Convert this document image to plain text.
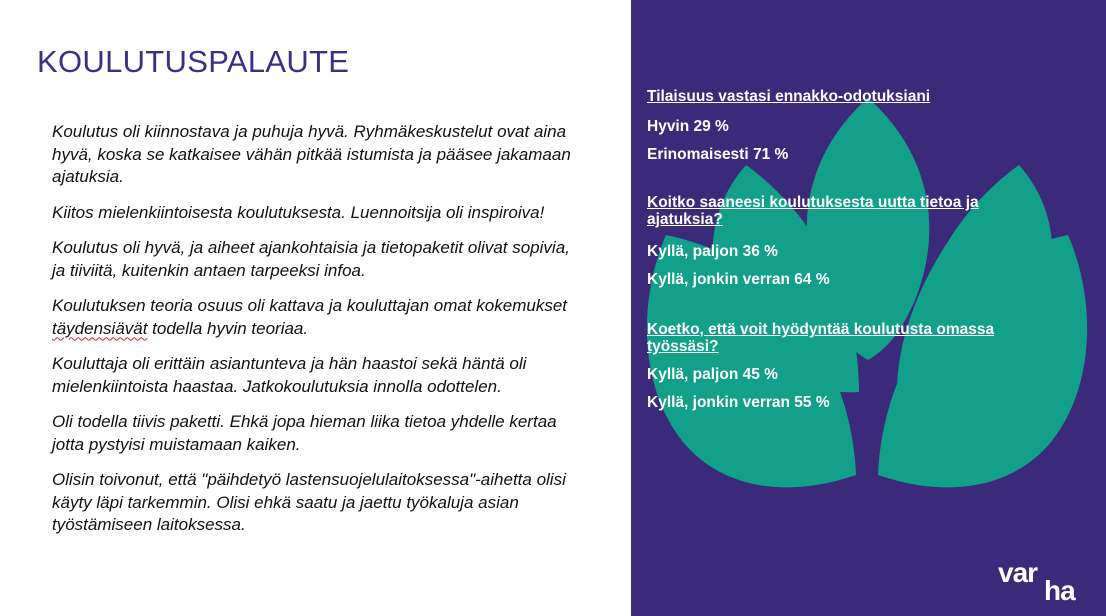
KOULUTUSPALAUTE

Koulutus oli kiinnostava ja puhuja hyvä. Ryhmäkeskustelut ovat aina hyvä, koska se katkaisee vähän pitkää istumista ja pääsee jakamaan ajatuksia.

Kiitos mielenkiintoisesta koulutuksesta. Luennoitsija oli inspiroiva!

Koulutus oli hyvä, ja aiheet ajankohtaisia ja tietopaketit olivat sopivia, ja tiiviitä, kuitenkin antaen tarpeeksi infoa.

Koulutuksen teoria osuus oli kattava ja kouluttajan omat kokemukset täydensiävät todella hyvin teoriaa.

Kouluttaja oli erittäin asiantunteva ja hän haastoi sekä häntä oli mielenkiintoista haastaa. Jatkokoulutuksia innolla odottelen.

Oli todella tiivis paketti. Ehkä jopa hieman liika tietoa yhdelle kertaa jotta pystyisi muistamaan kaiken.

Olisin toivonut, että "päihdetyö lastensuojelulaitoksessa"-aihetta olisi käyty läpi tarkemmin. Olisi ehkä saatu ja jaettu työkaluja asian työstämiseen laitoksessa.

Tilaisuus vastasi ennakko-odotuksiani

Hyvin 29 %

Erinomaisesti 71 %

Koitko saaneesi koulutuksesta uutta tietoa ja ajatuksia?

Kyllä, paljon 36 %

Kyllä, jonkin verran 64 %

Koetko, että voit hyödyntää koulutusta omassa työssäsi?

Kyllä, paljon 45 %

Kyllä, jonkin verran 55 %

var
ha
